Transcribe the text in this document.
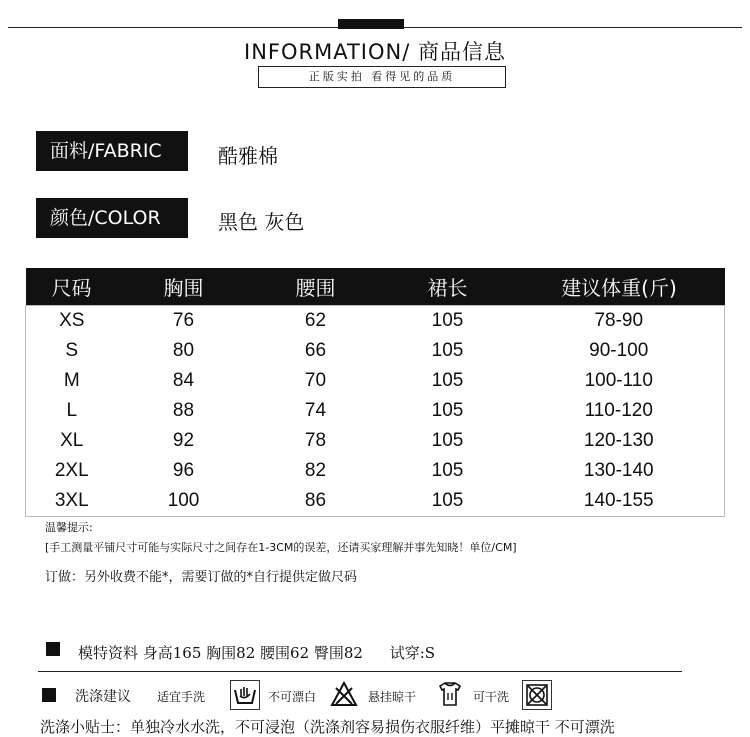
INFORMATION/ 商品信息
正版实拍 看得见的品质
面料/FABRIC	酷雅棉
颜色/COLOR	黑色 灰色
尺码	胸围	腰围	裙长	建议体重(斤)
XS	76	62	105	78-90
S	80	66	105	90-100
M	84	70	105	100-110
L	88	74	105	110-120
XL	92	78	105	120-130
2XL	96	82	105	130-140
3XL	100	86	105	140-155
温馨提示:
[手工测量平铺尺寸可能与实际尺寸之间存在1-3CM的误差，还请买家理解并事先知晓！单位/CM]
订做：另外收费不能*，需要订做的*自行提供定做尺码
模特资料 身高165 胸围82 腰围62 臀围82 试穿:S
洗涤建议 适宜手洗	不可漂白	悬挂晾干	可干洗
洗涤小贴士：单独冷水水洗，不可浸泡（洗涤剂容易损伤衣服纤维）平摊晾干 不可漂洗
